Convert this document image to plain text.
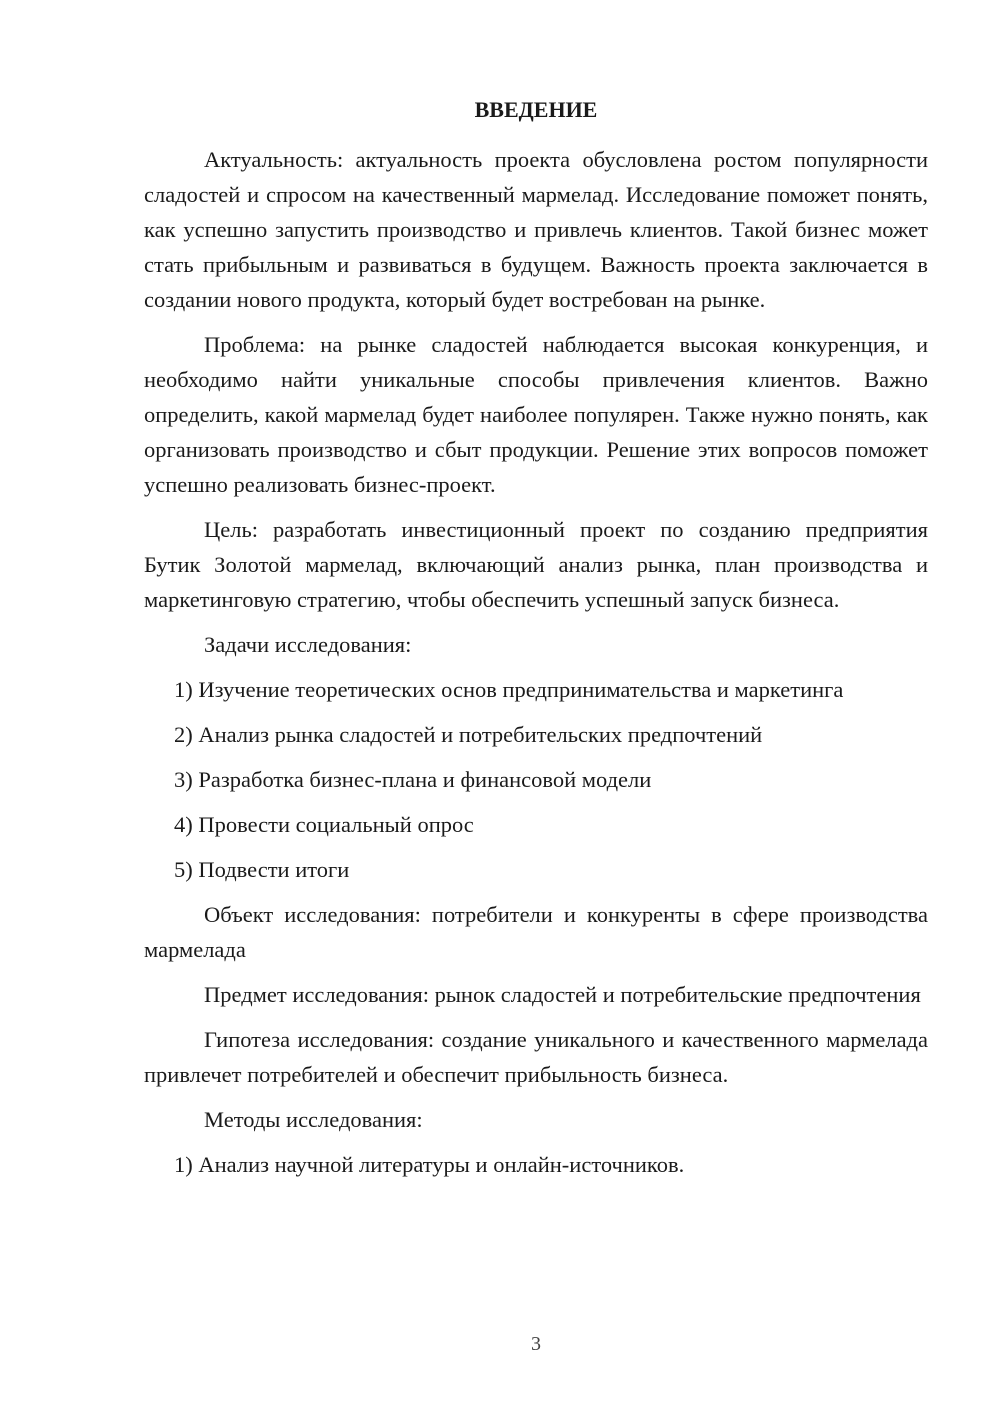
ВВЕДЕНИЕ

Актуальность: актуальность проекта обусловлена ростом популярности сладостей и спросом на качественный мармелад. Исследование поможет понять, как успешно запустить производство и привлечь клиентов. Такой бизнес может стать прибыльным и развиваться в будущем. Важность проекта заключается в создании нового продукта, который будет востребован на рынке.

Проблема: на рынке сладостей наблюдается высокая конкуренция, и необходимо найти уникальные способы привлечения клиентов. Важно определить, какой мармелад будет наиболее популярен. Также нужно понять, как организовать производство и сбыт продукции. Решение этих вопросов поможет успешно реализовать бизнес-проект.

Цель: разработать инвестиционный проект по созданию предприятия Бутик Золотой мармелад, включающий анализ рынка, план производства и маркетинговую стратегию, чтобы обеспечить успешный запуск бизнеса.

Задачи исследования:

1) Изучение теоретических основ предпринимательства и маркетинга
2) Анализ рынка сладостей и потребительских предпочтений
3) Разработка бизнес-плана и финансовой модели
4) Провести социальный опрос
5) Подвести итоги

Объект исследования: потребители и конкуренты в сфере производства мармелада

Предмет исследования: рынок сладостей и потребительские предпочтения

Гипотеза исследования: создание уникального и качественного мармелада привлечет потребителей и обеспечит прибыльность бизнеса.

Методы исследования:

1) Анализ научной литературы и онлайн-источников.
3
